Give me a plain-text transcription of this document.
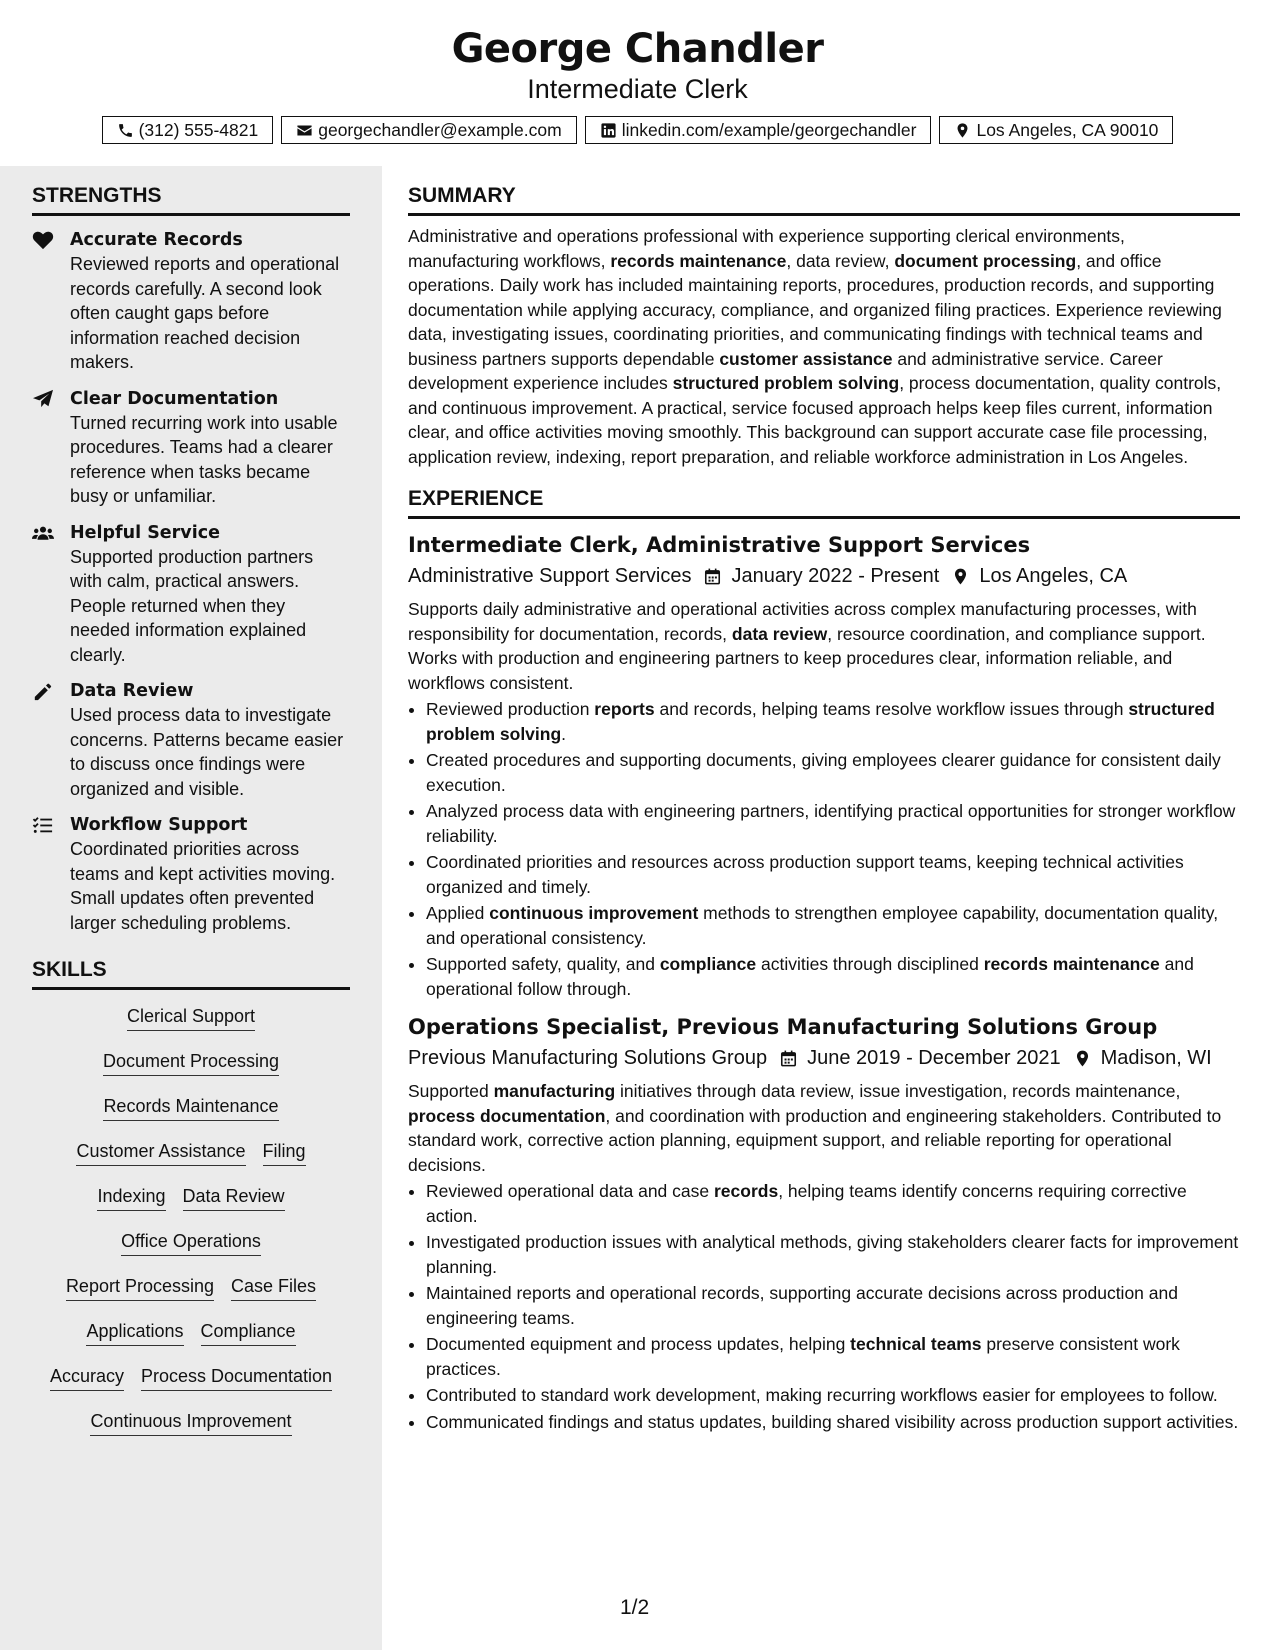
George Chandler
Intermediate Clerk
(312) 555-4821	georgechandler@example.com	linkedin.com/example/georgechandler	Los Angeles, CA 90010
STRENGTHS
Accurate Records
Reviewed reports and operational records carefully. A second look often caught gaps before information reached decision makers.
Clear Documentation
Turned recurring work into usable procedures. Teams had a clearer reference when tasks became busy or unfamiliar.
Helpful Service
Supported production partners with calm, practical answers. People returned when they needed information explained clearly.
Data Review
Used process data to investigate concerns. Patterns became easier to discuss once findings were organized and visible.
Workflow Support
Coordinated priorities across teams and kept activities moving. Small updates often prevented larger scheduling problems.
SKILLS
Clerical Support
Document Processing
Records Maintenance
Customer Assistance Filing
Indexing Data Review
Office Operations
Report Processing Case Files
Applications Compliance
Accuracy Process Documentation
Continuous Improvement
SUMMARY
Administrative and operations professional with experience supporting clerical environments, manufacturing workflows, records maintenance, data review, document processing, and office operations. Daily work has included maintaining reports, procedures, production records, and supporting documentation while applying accuracy, compliance, and organized filing practices. Experience reviewing data, investigating issues, coordinating priorities, and communicating findings with technical teams and business partners supports dependable customer assistance and administrative service. Career development experience includes structured problem solving, process documentation, quality controls, and continuous improvement. A practical, service focused approach helps keep files current, information clear, and office activities moving smoothly. This background can support accurate case file processing, application review, indexing, report preparation, and reliable workforce administration in Los Angeles.
EXPERIENCE
Intermediate Clerk, Administrative Support Services
Administrative Support Services January 2022 - Present Los Angeles, CA
Supports daily administrative and operational activities across complex manufacturing processes, with responsibility for documentation, records, data review, resource coordination, and compliance support. Works with production and engineering partners to keep procedures clear, information reliable, and workflows consistent.
• Reviewed production reports and records, helping teams resolve workflow issues through structured problem solving.
• Created procedures and supporting documents, giving employees clearer guidance for consistent daily execution.
• Analyzed process data with engineering partners, identifying practical opportunities for stronger workflow reliability.
• Coordinated priorities and resources across production support teams, keeping technical activities organized and timely.
• Applied continuous improvement methods to strengthen employee capability, documentation quality, and operational consistency.
• Supported safety, quality, and compliance activities through disciplined records maintenance and operational follow through.
Operations Specialist, Previous Manufacturing Solutions Group
Previous Manufacturing Solutions Group June 2019 - December 2021 Madison, WI
Supported manufacturing initiatives through data review, issue investigation, records maintenance, process documentation, and coordination with production and engineering stakeholders. Contributed to standard work, corrective action planning, equipment support, and reliable reporting for operational decisions.
• Reviewed operational data and case records, helping teams identify concerns requiring corrective action.
• Investigated production issues with analytical methods, giving stakeholders clearer facts for improvement planning.
• Maintained reports and operational records, supporting accurate decisions across production and engineering teams.
• Documented equipment and process updates, helping technical teams preserve consistent work practices.
• Contributed to standard work development, making recurring workflows easier for employees to follow.
• Communicated findings and status updates, building shared visibility across production support activities.
1/2
